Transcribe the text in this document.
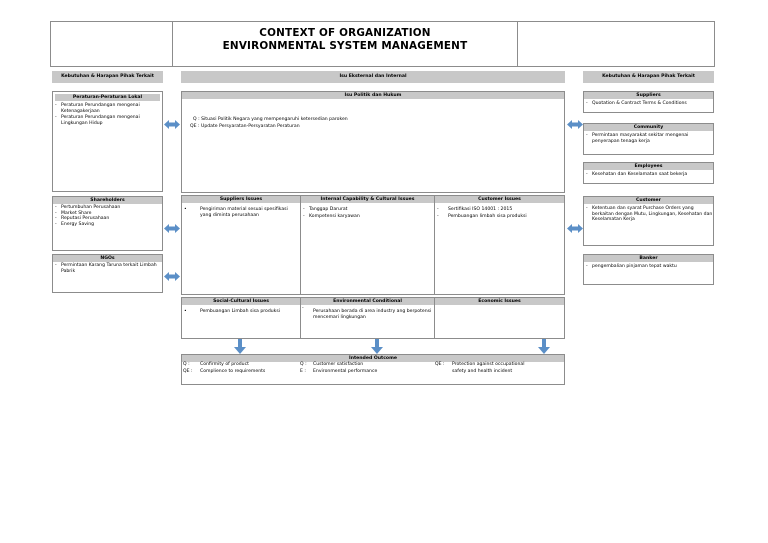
CONTEXT OF ORGANIZATION
ENVIRONMENTAL SYSTEM MANAGEMENT
Kebutuhan & Harapan Pihak Terkait	Isu Eksternal dan Internal	Kebutuhan & Harapan Pihak Terkait
Peraturan-Peraturan Lokal
- Peraturan Perundangan mengenai Ketenagakerjaan
- Peraturan Perundangan mengenai Lingkungan Hidup
Shareholders
- Pertumbuhan Perusahaan
- Market Share
- Reputasi Perusahaan
- Energy Saving
NGOs
- Permintaan Karang Taruna terkait Limbah Pabrik
Isu Politik dan Hukum
Q : Situasi Politik Negara yang mempengaruhi ketersedian paroken
QE : Update Persyaratan-Persyaratan Peraturan
Suppliers Issues
• Pengiriman material sesuai spesifikasi yang diminta perusahaan
Internal Capability & Cultural Issues
- Tanggap Darurat
- Kompetensi karyawan
Customer Issues
- Sertifikasi ISO 14001 : 2015
- Pembuangan limbah sisa produksi
Social-Cultural Issues
• Pembuangan Limbah sisa produksi
Environmental Conditional
-
Perusahaan berada di area industry ang berpotensi mencemari lingkungan
Economic Issues
Intended Outcome
Q : Confirmity of product	Q : Customer satisfaction	QE : Protection against occupational
QE : Complience to requirements	E : Environmental performance	safety and health incident
Suppliers
- Quotation & Contract Terms & Conditions
Community
- Permintaan masyarakat sekitar mengenai penyerapan tenaga kerja
Employees
- Kesehatan dan Keselamatan saat bekerja
Customer
- Ketentuan dan syarat Purchase Orders yang berkaitan dengan Mutu, Lingkungan, Kesehatan dan Keselamatan Kerja
Banker
- pengembalian pinjaman tepat waktu
